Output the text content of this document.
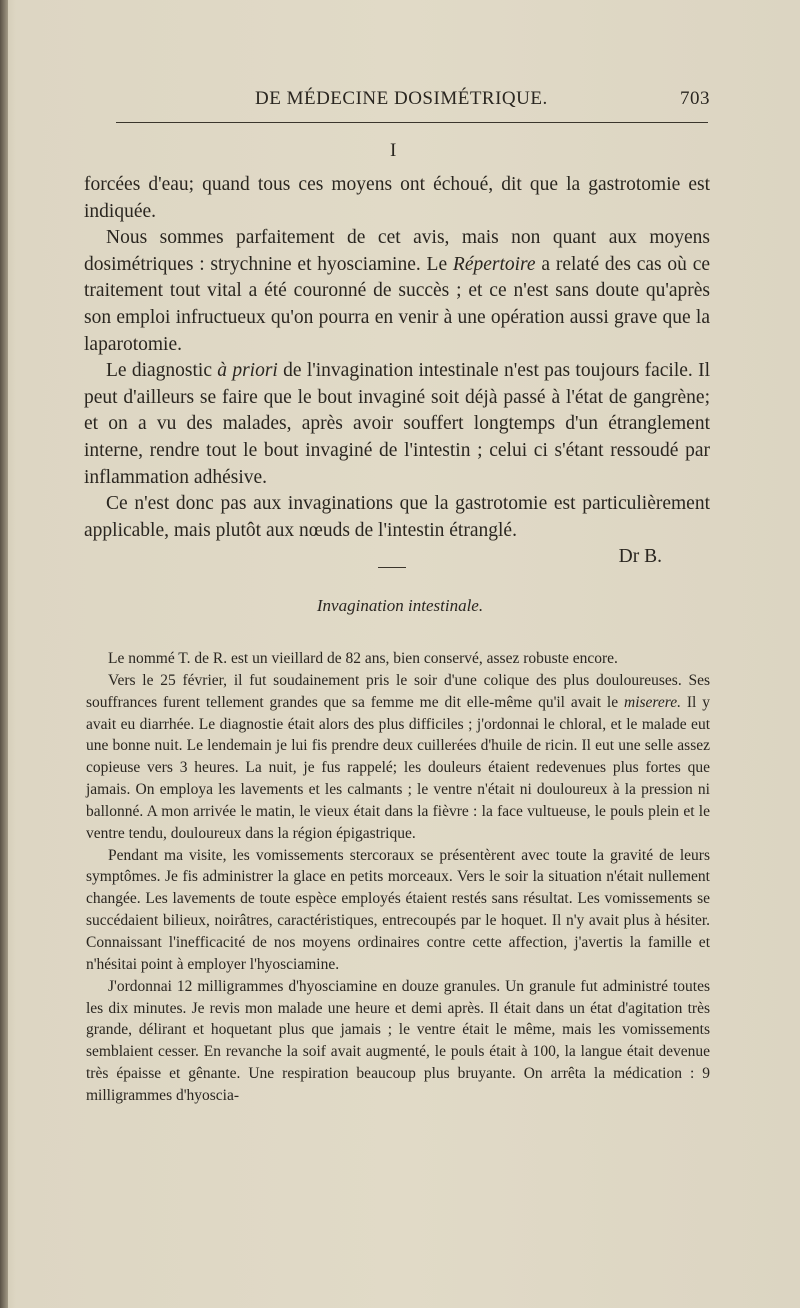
DE MÉDECINE DOSIMÉTRIQUE.	703
I

forcées d'eau; quand tous ces moyens ont échoué, dit que la gastrotomie est indiquée.

Nous sommes parfaitement de cet avis, mais non quant aux moyens dosimétriques : strychnine et hyosciamine. Le Répertoire a relaté des cas où ce traitement tout vital a été couronné de succès ; et ce n'est sans doute qu'après son emploi infructueux qu'on pourra en venir à une opération aussi grave que la laparotomie.

Le diagnostic à priori de l'invagination intestinale n'est pas toujours facile. Il peut d'ailleurs se faire que le bout invaginé soit déjà passé à l'état de gangrène; et on a vu des malades, après avoir souffert longtemps d'un étranglement interne, rendre tout le bout invaginé de l'intestin ; celui ci s'étant ressoudé par inflammation adhésive.

Ce n'est donc pas aux invaginations que la gastrotomie est particulièrement applicable, mais plutôt aux nœuds de l'intestin étranglé.

Dr B.

Invagination intestinale.

Le nommé T. de R. est un vieillard de 82 ans, bien conservé, assez robuste encore.

Vers le 25 février, il fut soudainement pris le soir d'une colique des plus douloureuses. Ses souffrances furent tellement grandes que sa femme me dit elle-même qu'il avait le miserere. Il y avait eu diarrhée. Le diagnostie était alors des plus difficiles ; j'ordonnai le chloral, et le malade eut une bonne nuit. Le lendemain je lui fis prendre deux cuillerées d'huile de ricin. Il eut une selle assez copieuse vers 3 heures. La nuit, je fus rappelé; les douleurs étaient redevenues plus fortes que jamais. On employa les lavements et les calmants ; le ventre n'était ni douloureux à la pression ni ballonné. A mon arrivée le matin, le vieux était dans la fièvre : la face vultueuse, le pouls plein et le ventre tendu, douloureux dans la région épigastrique.

Pendant ma visite, les vomissements stercoraux se présentèrent avec toute la gravité de leurs symptômes. Je fis administrer la glace en petits morceaux. Vers le soir la situation n'était nullement changée. Les lavements de toute espèce employés étaient restés sans résultat. Les vomissements se succédaient bilieux, noirâtres, caractéristiques, entrecoupés par le hoquet. Il n'y avait plus à hésiter. Connaissant l'inefficacité de nos moyens ordinaires contre cette affection, j'avertis la famille et n'hésitai point à employer l'hyosciamine.

J'ordonnai 12 milligrammes d'hyosciamine en douze granules. Un granule fut administré toutes les dix minutes. Je revis mon malade une heure et demi après. Il était dans un état d'agitation très grande, délirant et hoquetant plus que jamais ; le ventre était le même, mais les vomissements semblaient cesser. En revanche la soif avait augmenté, le pouls était à 100, la langue était devenue très épaisse et gênante. Une respiration beaucoup plus bruyante. On arrêta la médication : 9 milligrammes d'hyoscia-
